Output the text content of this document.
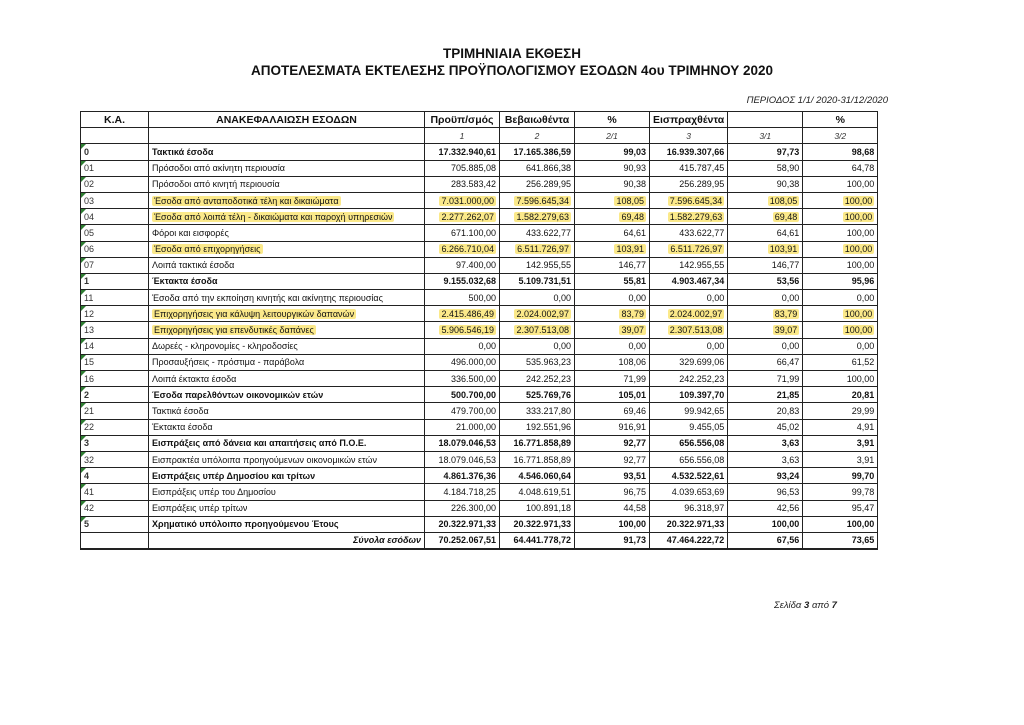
ΤΡΙΜΗΝΙΑΙΑ ΕΚΘΕΣΗ
ΑΠΟΤΕΛΕΣΜΑΤΑ ΕΚΤΕΛΕΣΗΣ ΠΡΟΫΠΟΛΟΓΙΣΜΟΥ ΕΣΟΔΩΝ 4ου ΤΡΙΜΗΝΟΥ 2020
ΠΕΡΙΟΔΟΣ 1/1/ 2020-31/12/2020
Κ.Α.	ΑΝΑΚΕΦΑΛΑΙΩΣΗ ΕΣΟΔΩΝ	Προϋπ/σμός	Βεβαιωθέντα	%	Εισπραχθέντα		%
		1	2	2/1	3	3/1	3/2

0	Τακτικά έσοδα	17.332.940,61	17.165.386,59	99,03	16.939.307,66	97,73	98,68

01	Πρόσοδοι από ακίνητη περιουσία	705.885,08	641.866,38	90,93	415.787,45	58,90	64,78

02	Πρόσοδοι από κινητή περιουσία	283.583,42	256.289,95	90,38	256.289,95	90,38	100,00

03	Έσοδα από ανταποδοτικά τέλη και δικαιώματα	7.031.000,00	7.596.645,34	108,05	7.596.645,34	108,05	100,00

04	Έσοδα από λοιπά τέλη - δικαιώματα και παροχή υπηρεσιών	2.277.262,07	1.582.279,63	69,48	1.582.279,63	69,48	100,00

05	Φόροι και εισφορές	671.100,00	433.622,77	64,61	433.622,77	64,61	100,00

06	Έσοδα από επιχορηγήσεις	6.266.710,04	6.511.726,97	103,91	6.511.726,97	103,91	100,00

07	Λοιπά τακτικά έσοδα	97.400,00	142.955,55	146,77	142.955,55	146,77	100,00

1	Έκτακτα έσοδα	9.155.032,68	5.109.731,51	55,81	4.903.467,34	53,56	95,96

11	Έσοδα από την εκποίηση κινητής και ακίνητης περιουσίας	500,00	0,00	0,00	0,00	0,00	0,00

12	Επιχορηγήσεις για κάλυψη λειτουργικών δαπανών	2.415.486,49	2.024.002,97	83,79	2.024.002,97	83,79	100,00

13	Επιχορηγήσεις για επενδυτικές δαπάνες	5.906.546,19	2.307.513,08	39,07	2.307.513,08	39,07	100,00

14	Δωρεές - κληρονομίες - κληροδοσίες	0,00	0,00	0,00	0,00	0,00	0,00

15	Προσαυξήσεις - πρόστιμα - παράβολα	496.000,00	535.963,23	108,06	329.699,06	66,47	61,52

16	Λοιπά έκτακτα έσοδα	336.500,00	242.252,23	71,99	242.252,23	71,99	100,00

2	Έσοδα παρελθόντων οικονομικών ετών	500.700,00	525.769,76	105,01	109.397,70	21,85	20,81

21	Τακτικά έσοδα	479.700,00	333.217,80	69,46	99.942,65	20,83	29,99

22	Έκτακτα έσοδα	21.000,00	192.551,96	916,91	9.455,05	45,02	4,91

3	Εισπράξεις από δάνεια και απαιτήσεις από Π.Ο.Ε.	18.079.046,53	16.771.858,89	92,77	656.556,08	3,63	3,91

32	Εισπρακτέα υπόλοιπα προηγούμενων οικονομικών ετών	18.079.046,53	16.771.858,89	92,77	656.556,08	3,63	3,91

4	Εισπράξεις υπέρ Δημοσίου και τρίτων	4.861.376,36	4.546.060,64	93,51	4.532.522,61	93,24	99,70

41	Εισπράξεις υπέρ του Δημοσίου	4.184.718,25	4.048.619,51	96,75	4.039.653,69	96,53	99,78

42	Εισπράξεις υπέρ τρίτων	226.300,00	100.891,18	44,58	96.318,97	42,56	95,47

5	Χρηματικό υπόλοιπο προηγούμενου Έτους	20.322.971,33	20.322.971,33	100,00	20.322.971,33	100,00	100,00
	Σύνολα εσόδων	70.252.067,51	64.441.778,72	91,73	47.464.222,72	67,56	73,65
Σελίδα 3 από 7
